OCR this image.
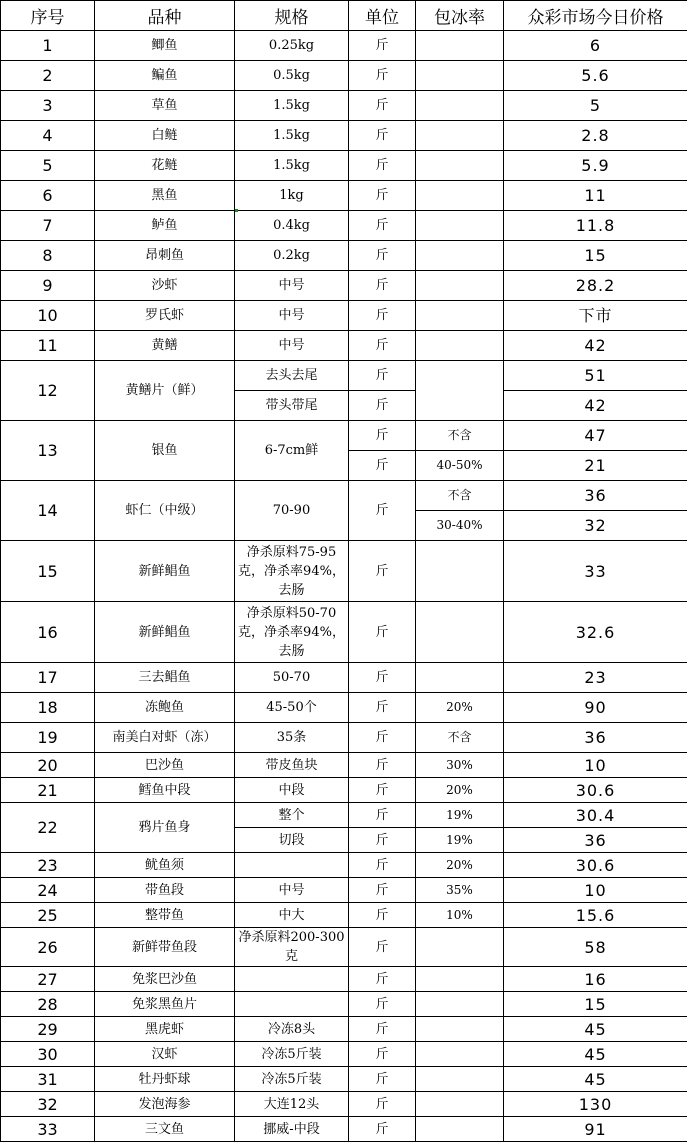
序号	品种	规格	单位	包冰率	众彩市场今日价格
1	鲫鱼	0.25kg	斤		6
2	鳊鱼	0.5kg	斤		5.6
3	草鱼	1.5kg	斤		5
4	白鲢	1.5kg	斤		2.8
5	花鲢	1.5kg	斤		5.9
6	黑鱼	1kg	斤		11
7	鲈鱼	0.4kg	斤		11.8
8	昂刺鱼	0.2kg	斤		15
9	沙虾	中号	斤		28.2
10	罗氏虾	中号	斤		下市
11	黄鳝	中号	斤		42
12	黄鳝片（鲜）	去头去尾	斤		51
		带头带尾	斤		42
13	银鱼	6-7cm鲜	斤	不含	47
			斤	40-50%	21
14	虾仁（中级）	70-90	斤	不含	36
				30-40%	32
15	新鲜鲳鱼	净杀原料75-95克，净杀率94%，去肠	斤		33
16	新鲜鲳鱼	净杀原料50-70克，净杀率94%，去肠	斤		32.6
17	三去鲳鱼	50-70	斤		23
18	冻鲍鱼	45-50个	斤	20%	90
19	南美白对虾（冻）	35条	斤	不含	36
20	巴沙鱼	带皮鱼块	斤	30%	10
21	鳕鱼中段	中段	斤	20%	30.6
22	鸦片鱼身	整个	斤	19%	30.4
		切段	斤	19%	36
23	鱿鱼须		斤	20%	30.6
24	带鱼段	中号	斤	35%	10
25	整带鱼	中大	斤	10%	15.6
26	新鲜带鱼段	净杀原料200-300克	斤		58
27	免浆巴沙鱼		斤		16
28	免浆黑鱼片		斤		15
29	黑虎虾	冷冻8头	斤		45
30	汉虾	冷冻5斤装	斤		45
31	牡丹虾球	冷冻5斤装	斤		45
32	发泡海参	大连12头	斤		130
33	三文鱼	挪威-中段	斤		91
